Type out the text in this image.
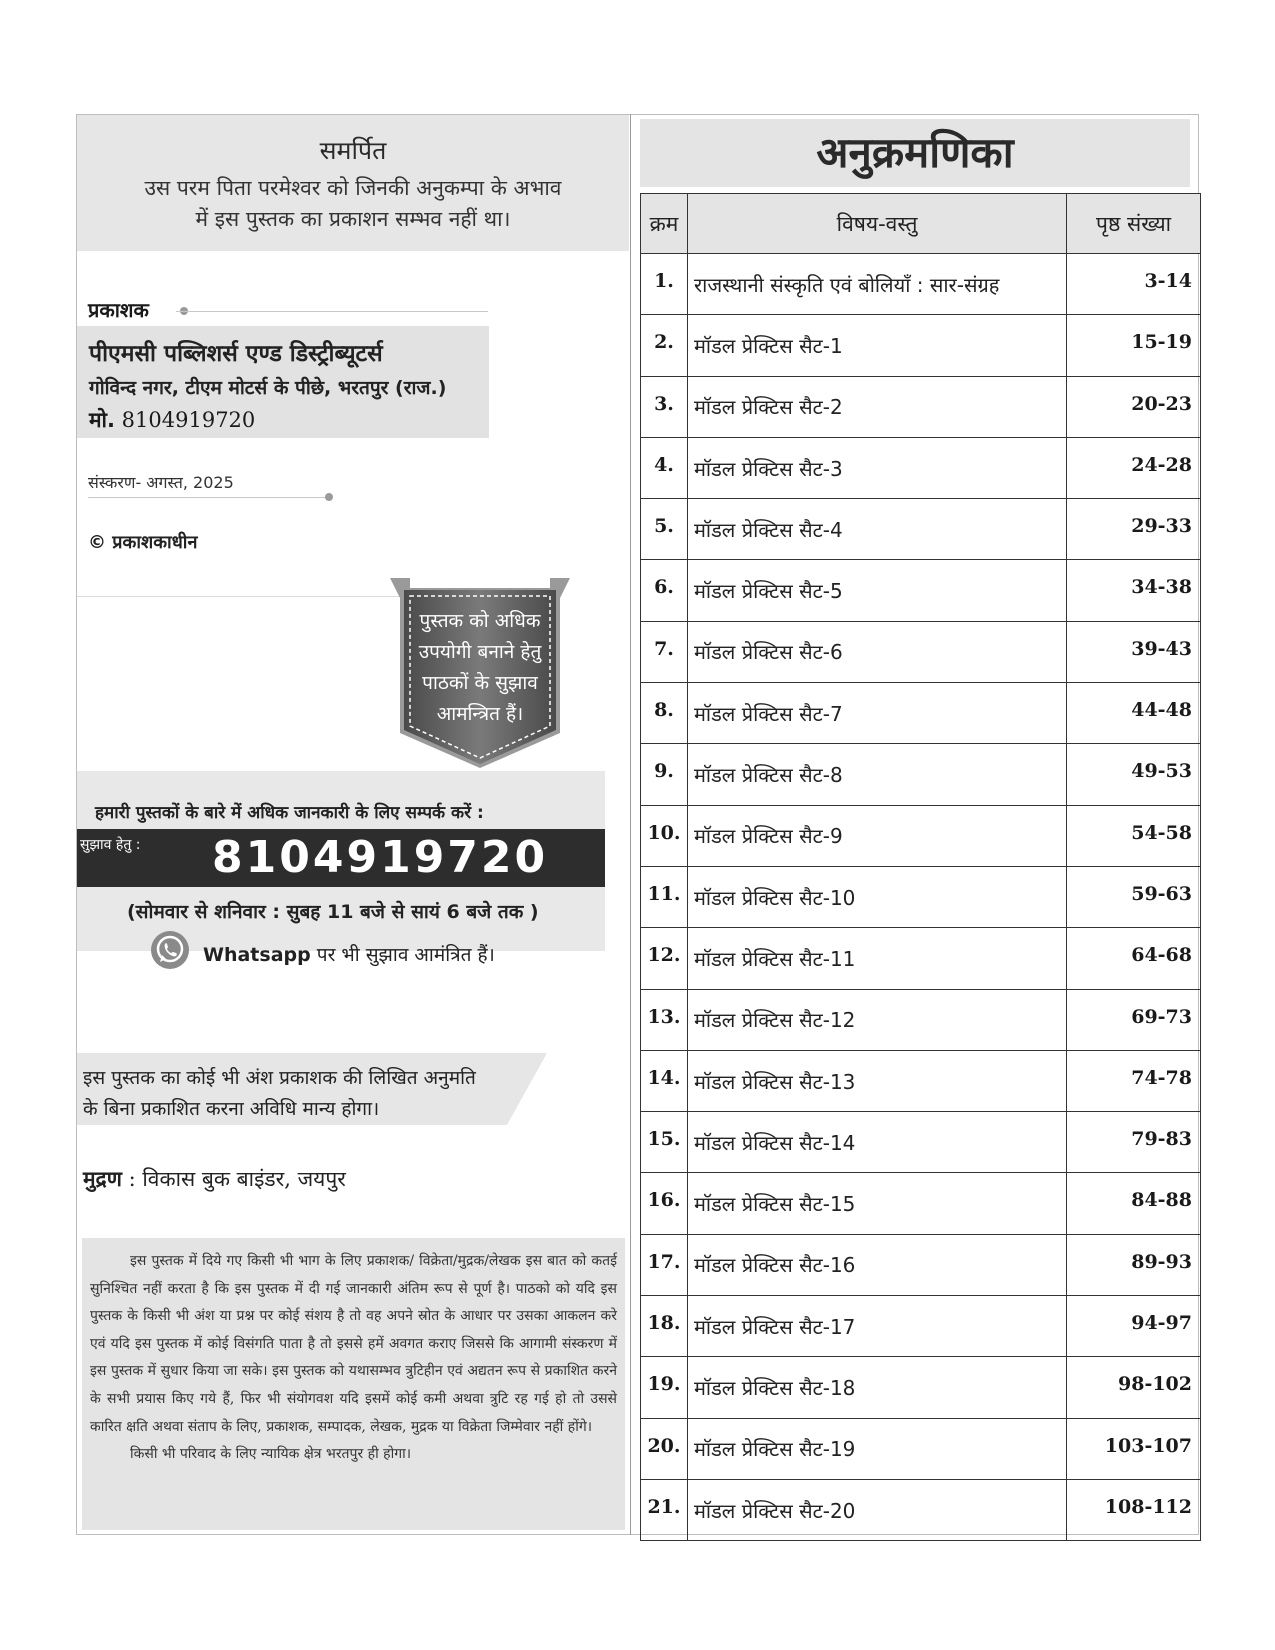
समर्पित
उस परम पिता परमेश्वर को जिनकी अनुकम्पा के अभाव
में इस पुस्तक का प्रकाशन सम्भव नहीं था।
प्रकाशक
पीएमसी पब्लिशर्स एण्ड डिस्ट्रीब्यूटर्स
गोविन्द नगर, टीएम मोटर्स के पीछे, भरतपुर (राज.)
मो. 8104919720
संस्करण- अगस्त, 2025
© प्रकाशकाधीन
पुस्तक को अधिक
उपयोगी बनाने हेतु
पाठकों के सुझाव
आमन्त्रित हैं।
हमारी पुस्तकों के बारे में अधिक जानकारी के लिए सम्पर्क करें :
सुझाव हेतु : 8104919720
(सोमवार से शनिवार : सुबह 11 बजे से सायं 6 बजे तक )
Whatsapp पर भी सुझाव आमंत्रित हैं।
इस पुस्तक का कोई भी अंश प्रकाशक की लिखित अनुमति
के बिना प्रकाशित करना अविधि मान्य होगा।
मुद्रण : विकास बुक बाइंडर, जयपुर

इस पुस्तक में दिये गए किसी भी भाग के लिए प्रकाशक/ विक्रेता/मुद्रक/लेखक इस बात को कतई सुनिश्चित नहीं करता है कि इस पुस्तक में दी गई जानकारी अंतिम रूप से पूर्ण है। पाठको को यदि इस पुस्तक के किसी भी अंश या प्रश्न पर कोई संशय है तो वह अपने स्रोत के आधार पर उसका आकलन करे एवं यदि इस पुस्तक में कोई विसंगति पाता है तो इससे हमें अवगत कराए जिससे कि आगामी संस्करण में इस पुस्तक में सुधार किया जा सके। इस पुस्तक को यथासम्भव त्रुटिहीन एवं अद्यतन रूप से प्रकाशित करने के सभी प्रयास किए गये हैं, फिर भी संयोगवश यदि इसमें कोई कमी अथवा त्रुटि रह गई हो तो उससे कारित क्षति अथवा संताप के लिए, प्रकाशक, सम्पादक, लेखक, मुद्रक या विक्रेता जिम्मेवार नहीं होंगे।

किसी भी परिवाद के लिए न्यायिक क्षेत्र भरतपुर ही होगा।

अनुक्रमणिका
क्रम	विषय-वस्तु	पृष्ठ संख्या
1.	राजस्थानी संस्कृति एवं बोलियाँ : सार-संग्रह	3-14
2.	मॉडल प्रेक्टिस सैट-1	15-19
3.	मॉडल प्रेक्टिस सैट-2	20-23
4.	मॉडल प्रेक्टिस सैट-3	24-28
5.	मॉडल प्रेक्टिस सैट-4	29-33
6.	मॉडल प्रेक्टिस सैट-5	34-38
7.	मॉडल प्रेक्टिस सैट-6	39-43
8.	मॉडल प्रेक्टिस सैट-7	44-48
9.	मॉडल प्रेक्टिस सैट-8	49-53
10.	मॉडल प्रेक्टिस सैट-9	54-58
11.	मॉडल प्रेक्टिस सैट-10	59-63
12.	मॉडल प्रेक्टिस सैट-11	64-68
13.	मॉडल प्रेक्टिस सैट-12	69-73
14.	मॉडल प्रेक्टिस सैट-13	74-78
15.	मॉडल प्रेक्टिस सैट-14	79-83
16.	मॉडल प्रेक्टिस सैट-15	84-88
17.	मॉडल प्रेक्टिस सैट-16	89-93
18.	मॉडल प्रेक्टिस सैट-17	94-97
19.	मॉडल प्रेक्टिस सैट-18	98-102
20.	मॉडल प्रेक्टिस सैट-19	103-107
21.	मॉडल प्रेक्टिस सैट-20	108-112
